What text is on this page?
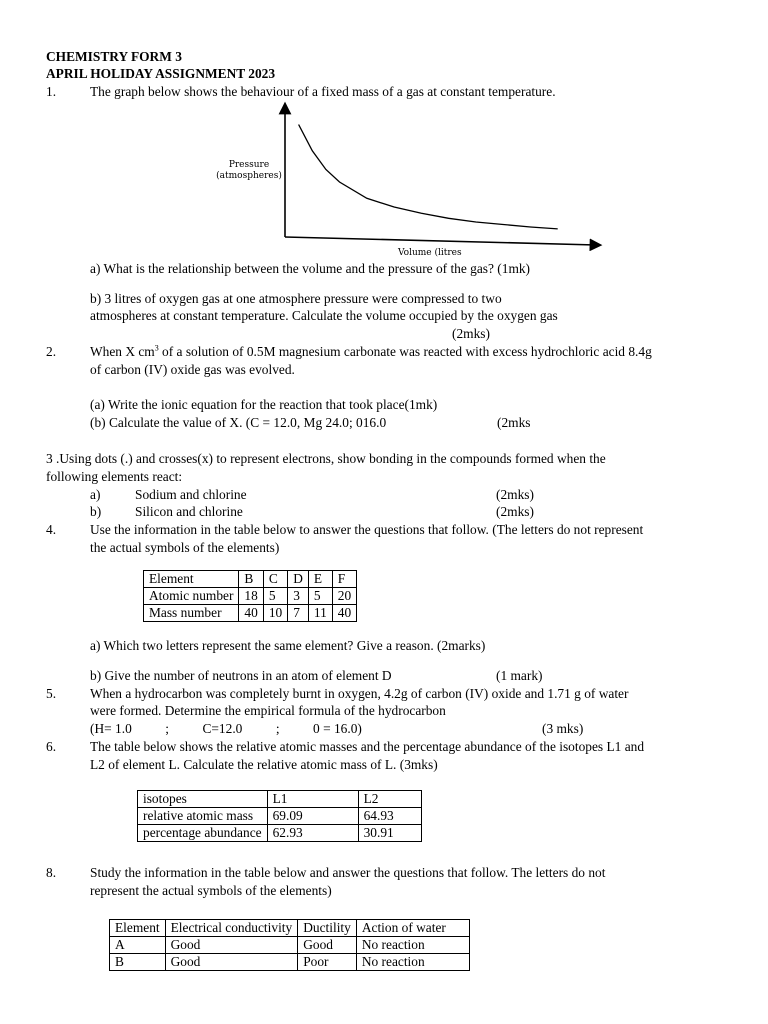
CHEMISTRY FORM 3
APRIL HOLIDAY ASSIGNMENT 2023
1.	The graph below shows the behaviour of a fixed mass of a gas at constant temperature.
Pressure
(atmospheres)
Volume (litres
a) What is the relationship between the volume and the pressure of the gas? (1mk)
b) 3 litres of oxygen gas at one atmosphere pressure were compressed to two
atmospheres at constant temperature. Calculate the volume occupied by the oxygen gas
(2mks)
2.	When X $cm^3$ of a solution of 0.5M magnesium carbonate was reacted with excess hydrochloric acid 8.4g
of carbon (IV) oxide gas was evolved.
(a) Write the ionic equation for the reaction that took place(1mk)
(b) Calculate the value of X. (C = 12.0, Mg 24.0; 016.0	(2mks
3 .Using dots (.) and crosses(x) to represent electrons, show bonding in the compounds formed when the
following elements react:
a)	Sodium and chlorine	(2mks)
b)	Silicon and chlorine	(2mks)
4.	Use the information in the table below to answer the questions that follow. (The letters do not represent
the actual symbols of the elements)
Element	B	C	D	E	F
Atomic number	18	5	3	5	20
Mass number	40	10	7	11	40
a) Which two letters represent the same element? Give a reason. (2marks)
b) Give the number of neutrons in an atom of element D	(1 mark)
5.	When a hydrocarbon was completely burnt in oxygen, 4.2g of carbon (IV) oxide and 1.71 g of water
were formed. Determine the empirical formula of the hydrocarbon
(H= 1.0          ;          C=12.0          ;          0 = 16.0)	(3 mks)
6.	The table below shows the relative atomic masses and the percentage abundance of the isotopes L1 and
L2 of element L. Calculate the relative atomic mass of L. (3mks)
isotopes	L1	L2
relative atomic mass	69.09	64.93
percentage abundance	62.93	30.91
8.	Study the information in the table below and answer the questions that follow. The letters do not
represent the actual symbols of the elements)
Element	Electrical conductivity	Ductility	Action of water
A	Good	Good	No reaction
B	Good	Poor	No reaction
